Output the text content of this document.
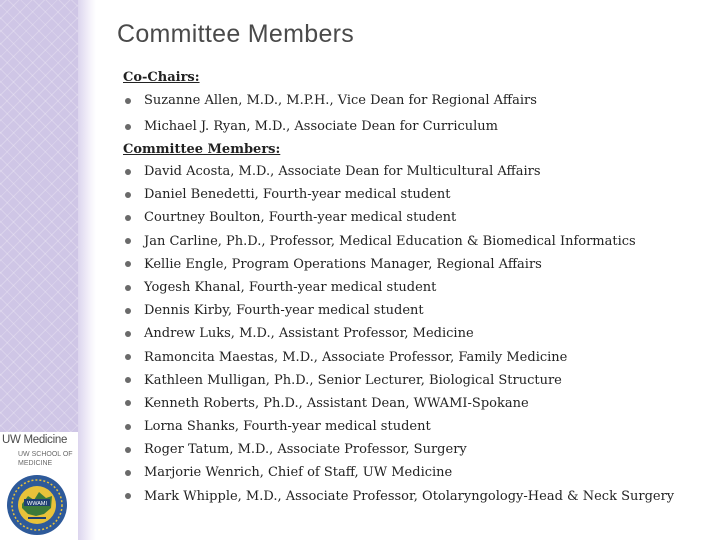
UW Medicine
UW SCHOOL OF MEDICINE
WWAMI
Committee Members
Co-Chairs:
Suzanne Allen, M.D., M.P.H., Vice Dean for Regional Affairs
Michael J. Ryan, M.D., Associate Dean for Curriculum
Committee Members:
David Acosta, M.D., Associate Dean for Multicultural Affairs
Daniel Benedetti, Fourth-year medical student
Courtney Boulton, Fourth-year medical student
Jan Carline, Ph.D., Professor, Medical Education & Biomedical Informatics
Kellie Engle, Program Operations Manager, Regional Affairs
Yogesh Khanal, Fourth-year medical student
Dennis Kirby, Fourth-year medical student
Andrew Luks, M.D., Assistant Professor, Medicine
Ramoncita Maestas, M.D., Associate Professor, Family Medicine
Kathleen Mulligan, Ph.D., Senior Lecturer, Biological Structure
Kenneth Roberts, Ph.D., Assistant Dean, WWAMI-Spokane
Lorna Shanks, Fourth-year medical student
Roger Tatum, M.D., Associate Professor, Surgery
Marjorie Wenrich, Chief of Staff, UW Medicine
Mark Whipple, M.D., Associate Professor, Otolaryngology-Head & Neck Surgery
